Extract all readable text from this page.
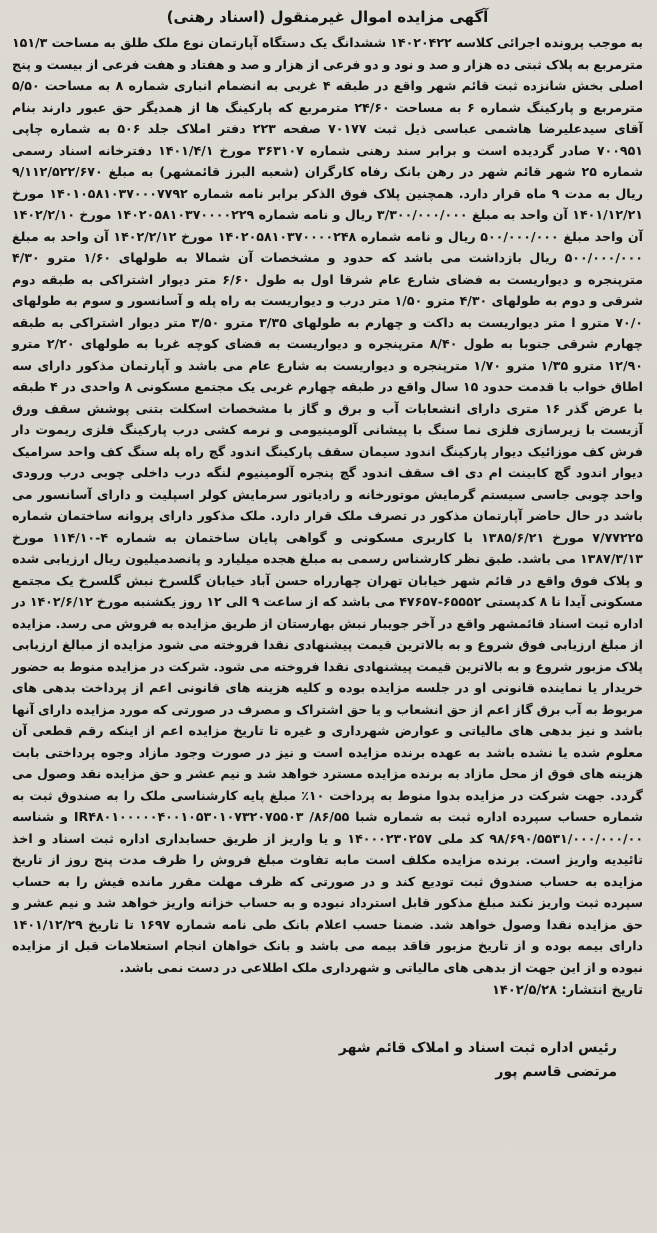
آگهی مزایده اموال غیرمنقول (اسناد رهنی)

به موجب پرونده اجرائی کلاسه ۱۴۰۲۰۴۲۲ ششدانگ یک دستگاه آپارتمان نوع ملک طلق به مساحت ۱۵۱/۳ مترمربع به پلاک ثبتی ده هزار و صد و نود و دو فرعی از هزار و صد و هفتاد و هفت فرعی از بیست و پنج اصلی بخش شانزده ثبت قائم شهر واقع در طبقه ۴ غربی به انضمام انباری شماره ۸ به مساحت ۵/۵۰ مترمربع و پارکینگ شماره ۶ به مساحت ۲۴/۶۰ مترمربع که پارکینگ ها از همدیگر حق عبور دارند بنام آقای سیدعلیرضا هاشمی عباسی ذیل ثبت ۷۰۱۷۷ صفحه ۲۲۳ دفتر املاک جلد ۵۰۶ به شماره چاپی ۷۰۰۹۵۱ صادر گردیده است و برابر سند رهنی شماره ۳۶۳۱۰۷ مورخ ۱۴۰۱/۴/۱ دفترخانه اسناد رسمی شماره ۲۵ شهر قائم شهر در رهن بانک رفاه کارگران (شعبه البرز قائمشهر) به مبلغ ۹/۱۱۲/۵۲۲/۶۷۰ ریال به مدت ۹ ماه قرار دارد. همچنین پلاک فوق الذکر برابر نامه شماره ۱۴۰۱۰۵۸۱۰۳۷۰۰۰۷۷۹۲ مورخ ۱۴۰۱/۱۲/۲۱ آن واحد به مبلغ ۳/۳۰۰/۰۰۰/۰۰۰ ریال و نامه شماره ۱۴۰۲۰۵۸۱۰۳۷۰۰۰۰۲۲۹ مورخ ۱۴۰۲/۲/۱۰ آن واحد مبلغ ۵۰۰/۰۰۰/۰۰۰ ریال و نامه شماره ۱۴۰۲۰۵۸۱۰۳۷۰۰۰۰۲۴۸ مورخ ۱۴۰۲/۲/۱۲ آن واحد به مبلغ ۵۰۰/۰۰۰/۰۰۰ ریال بازداشت می باشد که حدود و مشخصات آن شمالا به طولهای ۱/۶۰ مترو ۴/۳۰ مترپنجره و دیواریست به فضای شارع عام شرقا اول به طول ۶/۶۰ متر دیوار اشتراکی به طبقه دوم شرقی و دوم به طولهای ۴/۳۰ مترو ۱/۵۰ متر درب و دیواریست به راه پله و آسانسور و سوم به طولهای ۷۰/۰ مترو ا متر دیواریست به داکت و چهارم به طولهای ۳/۳۵ مترو ۳/۵۰ متر دیوار اشتراکی به طبقه چهارم شرقی جنوبا به طول ۸/۴۰ مترپنجره و دیواریست به فضای کوچه غربا به طولهای ۲/۲۰ مترو ۱۲/۹۰ مترو ۱/۳۵ مترو ۱/۷۰ مترپنجره و دیواریست به شارع عام می باشد و آپارتمان مذکور دارای سه اطاق خواب با قدمت حدود ۱۵ سال واقع در طبقه چهارم غربی یک مجتمع مسکونی ۸ واحدی در ۴ طبقه با عرض گذر ۱۶ متری دارای انشعابات آب و برق و گاز با مشخصات اسکلت بتنی پوشش سقف ورق آزبست با زیرسازی فلزی نما سنگ با پیشانی آلومینیومی و نرمه کشی درب پارکینگ فلزی ریموت دار فرش کف موزائیک دیوار پارکینگ اندود سیمان سقف پارکینگ اندود گچ راه پله سنگ کف واحد سرامیک دیوار اندود گچ کابینت ام دی اف سقف اندود گچ پنجره آلومینیوم لنگه درب داخلی چوبی درب ورودی واحد چوبی جاسی سیستم گرمایش موتورخانه و رادیاتور سرمایش کولر اسپلیت و دارای آسانسور می باشد در حال حاضر آپارتمان مذکور در تصرف ملک قرار دارد. ملک مذکور دارای پروانه ساختمان شماره ۷/۷۷۲۲۵ مورخ ۱۳۸۵/۶/۲۱ با کاربری مسکونی و گواهی پایان ساختمان به شماره ۴-۱۱۴/۱۰ مورخ ۱۳۸۷/۳/۱۳ می باشد. طبق نظر کارشناس رسمی به مبلغ هجده میلیارد و پانصدمیلیون ریال ارزیابی شده و پلاک فوق واقع در قائم شهر خیابان تهران چهارراه حسن آباد خیابان گلسرخ نبش گلسرخ یک مجتمع مسکونی آیدا نا ۸ کدپستی ۶۵۵۵۲-۴۷۶۵۷ می باشد که از ساعت ۹ الی ۱۲ روز یکشنبه مورخ ۱۴۰۲/۶/۱۲ در اداره ثبت اسناد قائمشهر واقع در آخر جویبار نبش بهارستان از طریق مزایده به فروش می رسد. مزایده از مبلغ ارزیابی فوق شروع و به بالاترین قیمت پیشنهادی نقدا فروخته می شود مزایده از مبالغ ارزیابی پلاک مزبور شروع و به بالاترین قیمت پیشنهادی نقدا فروخته می شود. شرکت در مزایده منوط به حضور خریدار یا نماینده قانونی او در جلسه مزایده بوده و کلیه هزینه های قانونی اعم از پرداخت بدهی های مربوط به آب برق گاز اعم از حق انشعاب و یا حق اشتراک و مصرف در صورتی که مورد مزایده دارای آنها باشد و نیز بدهی های مالیاتی و عوارض شهرداری و غیره تا تاریخ مزایده اعم از اینکه رقم قطعی آن معلوم شده یا نشده باشد به عهده برنده مزایده است و نیز در صورت وجود مازاد وجوه پرداختی بابت هزینه های فوق از محل مازاد به برنده مزایده مسترد خواهد شد و نیم عشر و حق مزایده نقد وصول می گردد. جهت شرکت در مزایده بدوا منوط به پرداخت ۱۰٪ مبلغ پایه کارشناسی ملک را به صندوق ثبت به شماره حساب سپرده اداره ثبت به شماره شبا IR۴۸۰۱۰۰۰۰۰۴۰۰۱۰۵۳۰۱۰۷۳۲۰۷۵۵۰۳ /۸۶/۵۵ و شناسه ۹۸/۶۹۰/۵۵۳۱/۰۰۰/۰۰۰/۰۰ کد ملی ۱۴۰۰۰۲۳۰۲۵۷ و یا واریز از طریق حسابداری اداره ثبت اسناد و اخذ تائیدیه واریز است. برنده مزایده مکلف است مابه تفاوت مبلغ فروش را ظرف مدت پنج روز از تاریخ مزایده به حساب صندوق ثبت تودیع کند و در صورتی که ظرف مهلت مقرر مانده فیش را به حساب سپرده ثبت واریز نکند مبلغ مذکور قابل استرداد نبوده و به حساب خزانه واریز خواهد شد و نیم عشر و حق مزایده نقدا وصول خواهد شد. ضمنا حسب اعلام بانک طی نامه شماره ۱۶۹۷ تا تاریخ ۱۴۰۱/۱۲/۲۹ دارای بیمه بوده و از تاریخ مزبور فاقد بیمه می باشد و بانک خواهان انجام استعلامات قبل از مزایده نبوده و از این جهت از بدهی های مالیاتی و شهرداری ملک اطلاعی در دست نمی باشد.

تاریخ انتشار: ۱۴۰۲/۵/۲۸
رئیس اداره ثبت اسناد و املاک قائم شهر
مرتضی قاسم پور
